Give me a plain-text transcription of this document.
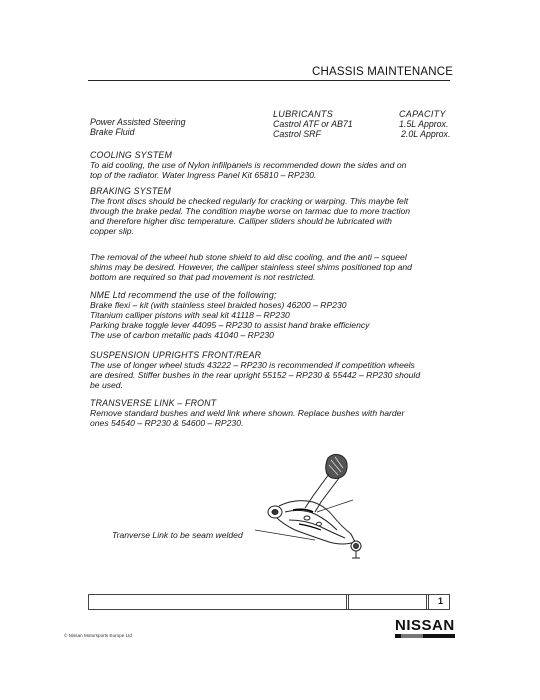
CHASSIS MAINTENANCE
LUBRICANTS	CAPACITY
Power Assisted Steering
Brake Fluid
Castrol ATF or AB71
Castrol SRF
1.5L Approx.
2.0L Approx.
COOLING SYSTEM
To aid cooling, the use of Nylon infillpanels is recommended down the sides and on
top of the radiator. Water Ingress Panel Kit 65810 – RP230.
BRAKING SYSTEM
The front discs should be checked regularly for cracking or warping. This maybe felt
through the brake pedal. The condition maybe worse on tarmac due to more traction
and therefore higher disc temperature. Calliper sliders should be lubricated with
copper slip.
The removal of the wheel hub stone shield to aid disc cooling, and the anti – squeel
shims may be desired. However, the calliper stainless steel shims positioned top and
bottom are required so that pad movement is not restricted.
NME Ltd recommend the use of the following;
Brake flexi – kit (with stainless steel braided hoses) 46200 – RP230
Titanium calliper pistons with seal kit 41118 – RP230
Parking brake toggle lever 44095 – RP230 to assist hand brake efficiency
The use of carbon metallic pads 41040 – RP230
SUSPENSION UPRIGHTS FRONT/REAR
The use of longer wheel studs 43222 – RP230 is recommended if competition wheels
are desired. Stiffer bushes in the rear upright 55152 – RP230 & 55442 – RP230 should
be used.
TRANSVERSE LINK – FRONT
Remove standard bushes and weld link where shown. Replace bushes with harder
ones 54540 – RP230 & 54600 – RP230.
Tranverse Link to be seam welded
1
© Nissan Motorsports Europe Ltd
NISSAN
